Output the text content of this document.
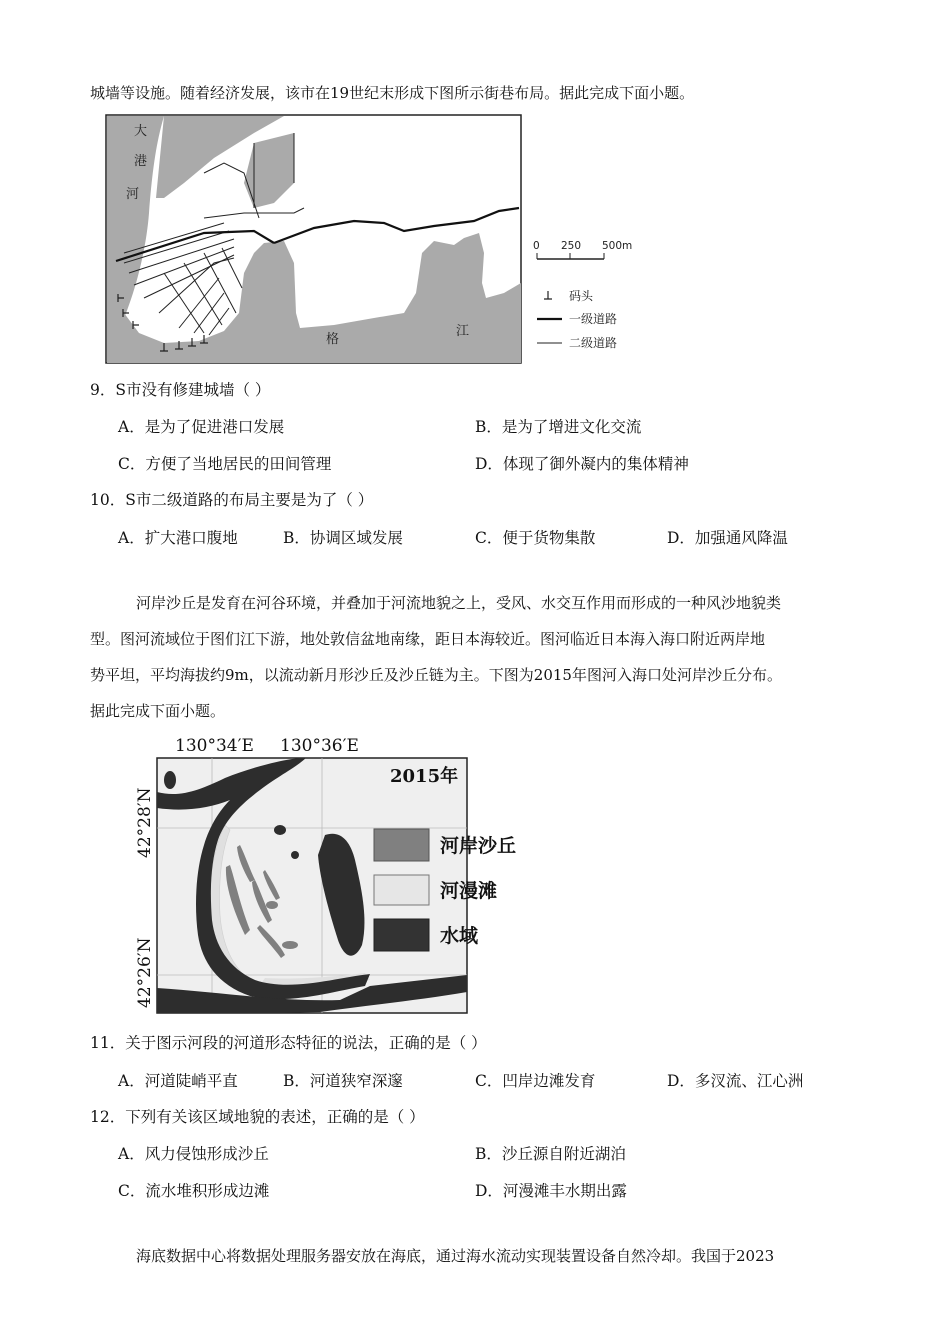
城墙等设施。随着经济发展，该市在19世纪末形成下图所示街巷布局。据此完成下面小题。
大
港
河
格
江
0 250 500m
码头
一级道路
二级道路
9．S市没有修建城墙（ ）
A．是为了促进港口发展	B．是为了增进文化交流
C．方便了当地居民的田间管理	D．体现了御外凝内的集体精神
10．S市二级道路的布局主要是为了（ ）
A．扩大港口腹地	B．协调区域发展	C．便于货物集散	D．加强通风降温
河岸沙丘是发育在河谷环境，并叠加于河流地貌之上，受风、水交互作用而形成的一种风沙地貌类
型。图河流域位于图们江下游，地处敦信盆地南缘，距日本海较近。图河临近日本海入海口附近两岸地
势平坦，平均海拔约9m，以流动新月形沙丘及沙丘链为主。下图为2015年图河入海口处河岸沙丘分布。
据此完成下面小题。
130°34′E 130°36′E
42°28′N
42°26′N
2015年
河岸沙丘
河漫滩
水域
11．关于图示河段的河道形态特征的说法，正确的是（ ）
A．河道陡峭平直	B．河道狭窄深邃	C．凹岸边滩发育	D．多汊流、江心洲
12．下列有关该区域地貌的表述，正确的是（ ）
A．风力侵蚀形成沙丘	B．沙丘源自附近湖泊
C．流水堆积形成边滩	D．河漫滩丰水期出露
海底数据中心将数据处理服务器安放在海底，通过海水流动实现装置设备自然冷却。我国于2023
